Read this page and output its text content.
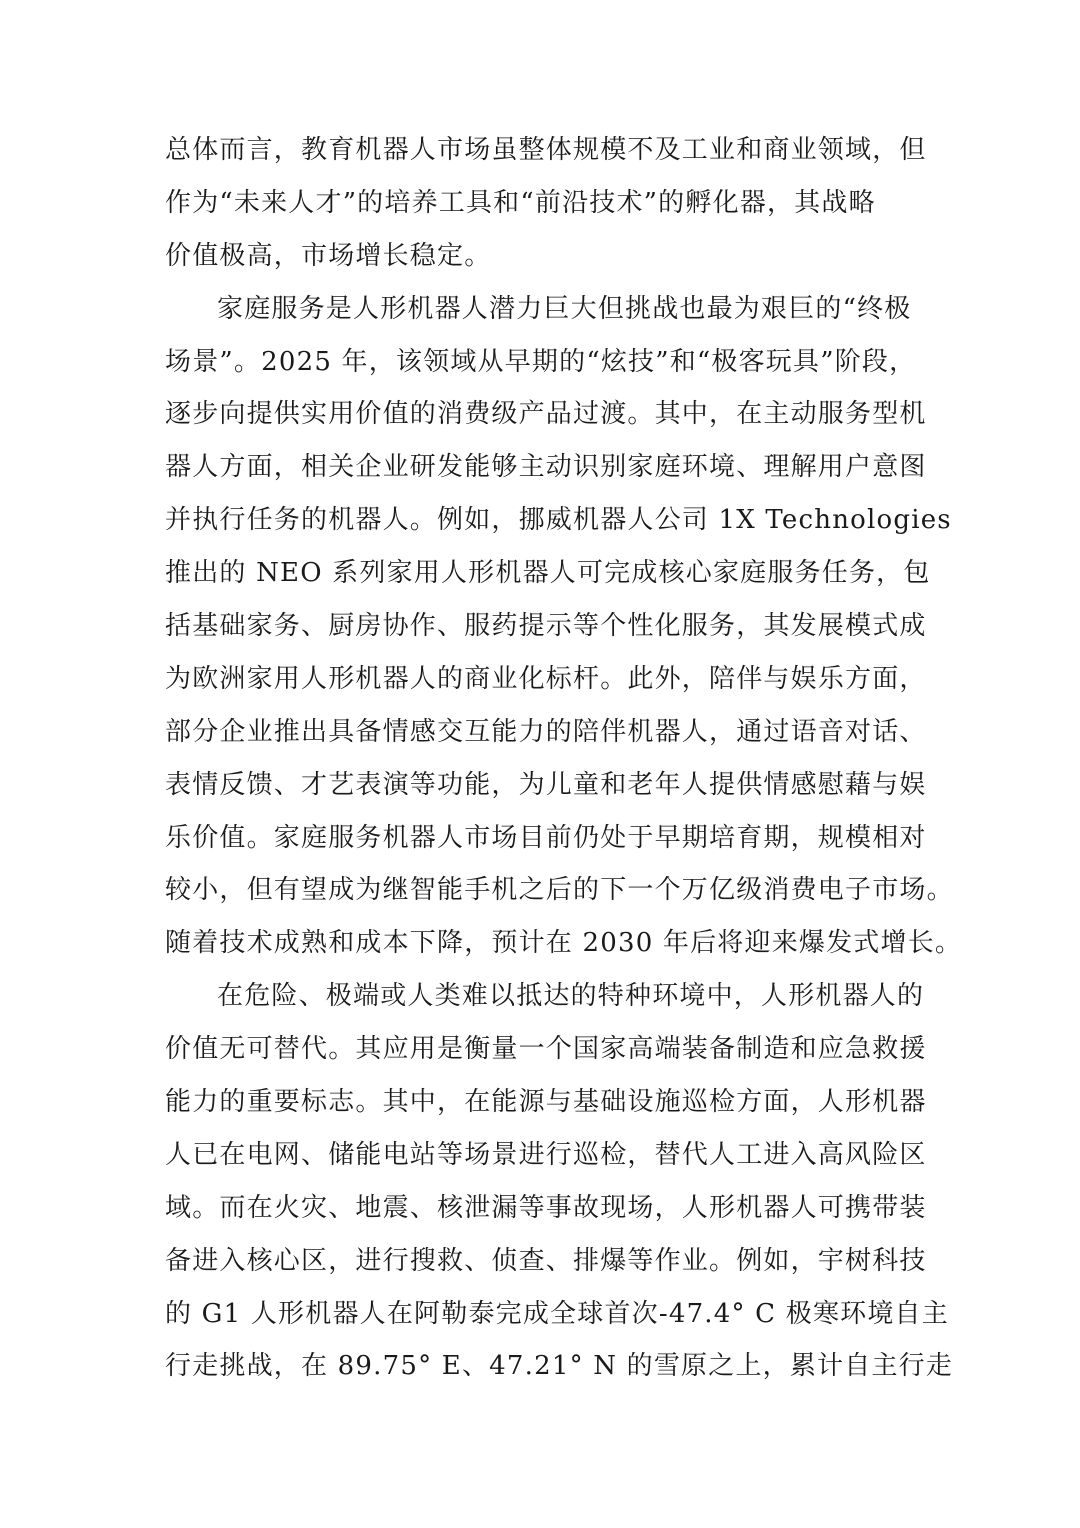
总体而言，教育机器人市场虽整体规模不及工业和商业领域，但
作为“未来人才”的培养工具和“前沿技术”的孵化器，其战略
价值极高，市场增长稳定。
家庭服务是人形机器人潜力巨大但挑战也最为艰巨的“终极
场景”。2025 年，该领域从早期的“炫技”和“极客玩具”阶段，
逐步向提供实用价值的消费级产品过渡。其中，在主动服务型机
器人方面，相关企业研发能够主动识别家庭环境、理解用户意图
并执行任务的机器人。例如，挪威机器人公司 1X Technologies
推出的 NEO 系列家用人形机器人可完成核心家庭服务任务，包
括基础家务、厨房协作、服药提示等个性化服务，其发展模式成
为欧洲家用人形机器人的商业化标杆。此外，陪伴与娱乐方面，
部分企业推出具备情感交互能力的陪伴机器人，通过语音对话、
表情反馈、才艺表演等功能，为儿童和老年人提供情感慰藉与娱
乐价值。家庭服务机器人市场目前仍处于早期培育期，规模相对
较小，但有望成为继智能手机之后的下一个万亿级消费电子市场。
随着技术成熟和成本下降，预计在 2030 年后将迎来爆发式增长。
在危险、极端或人类难以抵达的特种环境中，人形机器人的
价值无可替代。其应用是衡量一个国家高端装备制造和应急救援
能力的重要标志。其中，在能源与基础设施巡检方面，人形机器
人已在电网、储能电站等场景进行巡检，替代人工进入高风险区
域。而在火灾、地震、核泄漏等事故现场，人形机器人可携带装
备进入核心区，进行搜救、侦查、排爆等作业。例如，宇树科技
的 G1 人形机器人在阿勒泰完成全球首次-47.4° C 极寒环境自主
行走挑战，在 89.75° E、47.21° N 的雪原之上，累计自主行走
